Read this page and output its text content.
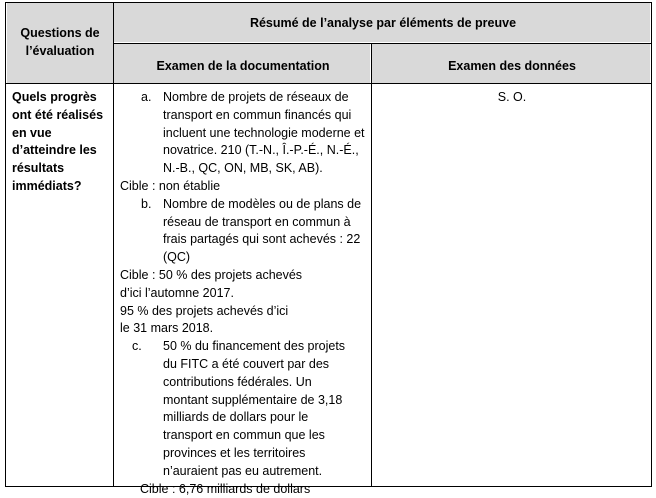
Questions de l’évaluation
Résumé de l’analyse par éléments de preuve
Examen de la documentation	Examen des données
Quels progrès ont été réalisés en vue d’atteindre les résultats immédiats?
S. O.
a. Nombre de projets de réseaux de transport en commun financés qui incluent une technologie moderne et novatrice. 210 (T.-N., Î.-P.-É., N.-É., N.-B., QC, ON, MB, SK, AB).
Cible : non établie
b. Nombre de modèles ou de plans de réseau de transport en commun à frais partagés qui sont achevés : 22 (QC)
Cible : 50 % des projets achevés d’ici l’automne 2017.
95 % des projets achevés d’ici le 31 mars 2018.
c.	50 % du financement des projets du FITC a été couvert par des contributions fédérales. Un montant supplémentaire de 3,18 milliards de dollars pour le transport en commun que les provinces et les territoires n’auraient pas eu autrement.
Cible : 6,76 milliards de dollars
